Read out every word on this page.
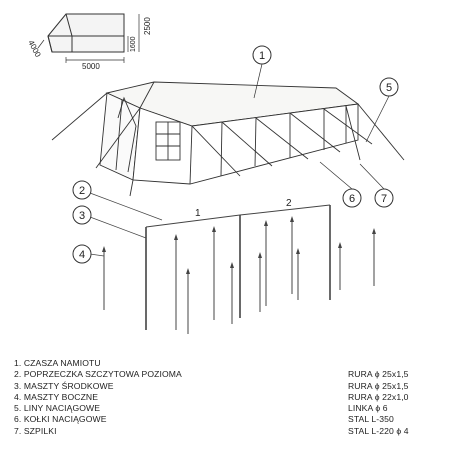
2500
1600
4000
5000
1
2
1
2
3
4
5
6 7
1. CZASZA NAMIOTU
2. POPRZECZKA SZCZYTOWA POZIOMA	RURA ϕ 25x1,5
3. MASZTY ŚRODKOWE	RURA ϕ 25x1,5
4. MASZTY BOCZNE	RURA ϕ 22x1,0
5. LINY NACIĄGOWE	LINKA ϕ 6
6. KOŁKI NACIĄGOWE	STAL L-350
7. SZPILKI	STAL L-220 ϕ 4
